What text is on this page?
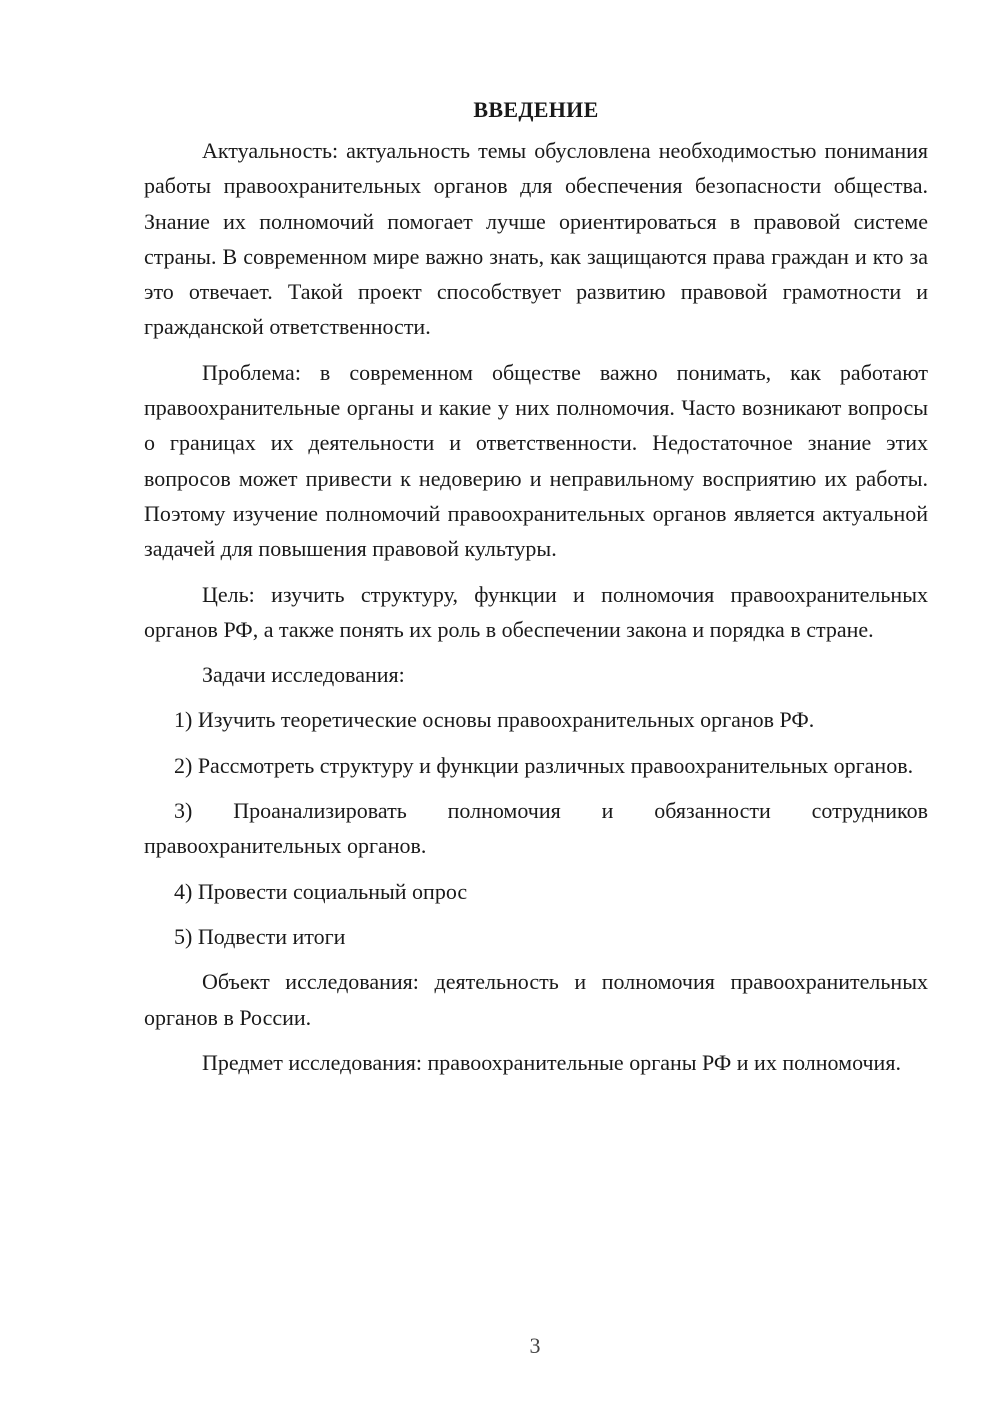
ВВЕДЕНИЕ

Актуальность: актуальность темы обусловлена необходимостью понимания работы правоохранительных органов для обеспечения безопасности общества. Знание их полномочий помогает лучше ориентироваться в правовой системе страны. В современном мире важно знать, как защищаются права граждан и кто за это отвечает. Такой проект способствует развитию правовой грамотности и гражданской ответственности.

Проблема: в современном обществе важно понимать, как работают правоохранительные органы и какие у них полномочия. Часто возникают вопросы о границах их деятельности и ответственности. Недостаточное знание этих вопросов может привести к недоверию и неправильному восприятию их работы. Поэтому изучение полномочий правоохранительных органов является актуальной задачей для повышения правовой культуры.

Цель: изучить структуру, функции и полномочия правоохранительных органов РФ, а также понять их роль в обеспечении закона и порядка в стране.

Задачи исследования:

1) Изучить теоретические основы правоохранительных органов РФ.

2) Рассмотреть структуру и функции различных правоохранительных органов.

3) Проанализировать полномочия и обязанности сотрудников правоохранительных органов.

4) Провести социальный опрос

5) Подвести итоги

Объект исследования: деятельность и полномочия правоохранительных органов в России.

Предмет исследования: правоохранительные органы РФ и их полномочия.

3
